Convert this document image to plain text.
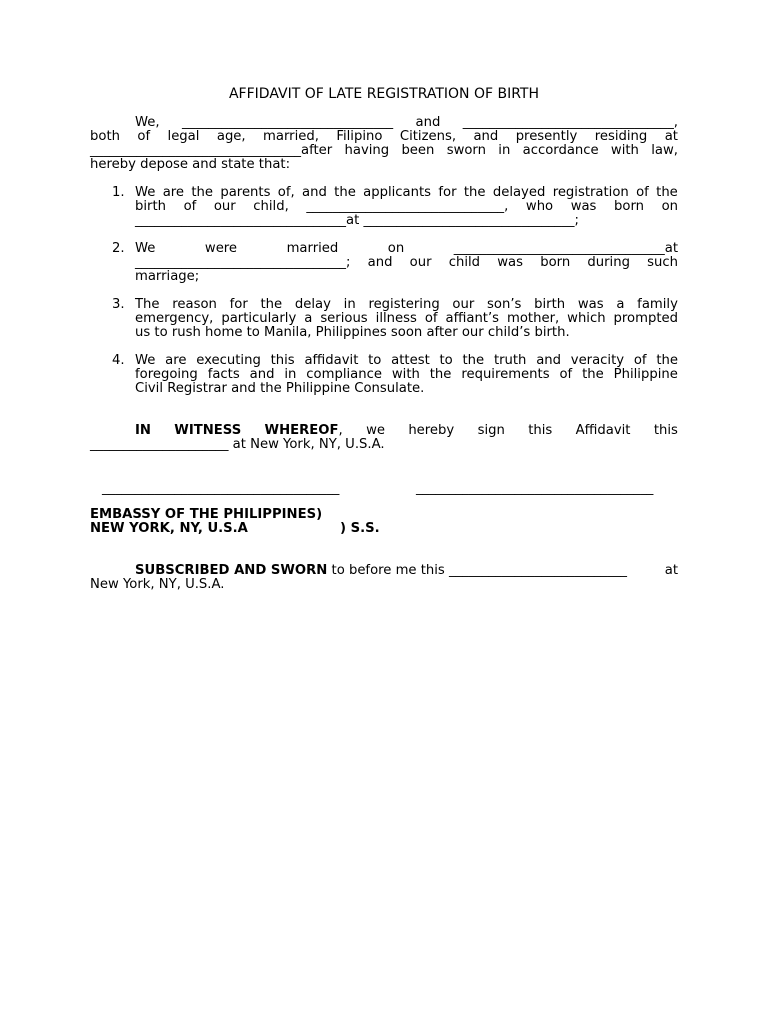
AFFIDAVIT OF LATE REGISTRATION OF BIRTH
We, ________________________________ and ________________________________,
both of legal age, married, Filipino Citizens, and presently residing at
________________________________after having been sworn in accordance with law,
hereby depose and state that:
1. We are the parents of, and the applicants for the delayed registration of the
birth of our child, ______________________________, who was born on
________________________________at ________________________________;
2. We	were	married	on	________________________________at
________________________________; and our child was born during such
marriage;
3. The reason for the delay in registering our son’s birth was a family
emergency, particularly a serious illness of affiant’s mother, which prompted
us to rush home to Manila, Philippines soon after our child’s birth.
4. We are executing this affidavit to attest to the truth and veracity of the
foregoing facts and in compliance with the requirements of the Philippine
Civil Registrar and the Philippine Consulate.
IN WITNESS WHEREOF, we hereby sign this Affidavit this
_____________________ at New York, NY, U.S.A.
____________________________________	____________________________________
EMBASSY OF THE PHILIPPINES)
NEW YORK, NY, U.S.A	) S.S.
SUBSCRIBED AND SWORN to before me this ___________________________	at
New York, NY, U.S.A.
